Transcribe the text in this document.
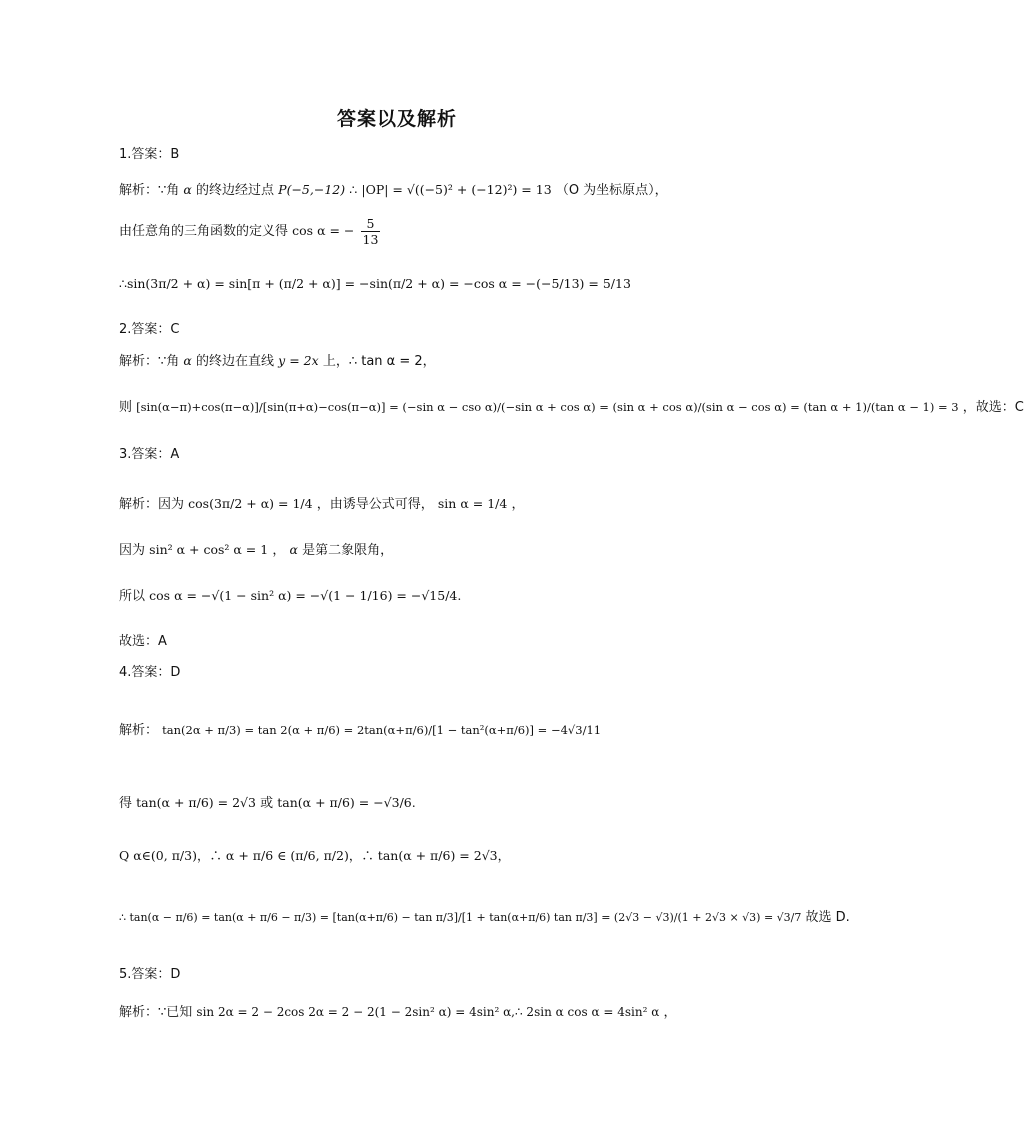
答案以及解析
1.答案：B
解析：∵角 α 的终边经过点 P(−5,−12) ∴ |OP| = √((−5)² + (−12)²) = 13 （O 为坐标原点），
由任意角的三角函数的定义得 cos α = − $\frac{5}{13}$
∴sin(3π/2 + α) = sin[π + (π/2 + α)] = −sin(π/2 + α) = −cos α = −(−5/13) = 5/13
2.答案：C
解析：∵角 α 的终边在直线 y = 2x 上，∴ tan α = 2，
则 [sin(α−π)+cos(π−α)]/[sin(π+α)−cos(π−α)] = (−sin α − cso α)/(−sin α + cos α) = (sin α + cos α)/(sin α − cos α) = (tan α + 1)/(tan α − 1) = 3 ，故选：C
3.答案：A
解析：因为 cos(3π/2 + α) = 1/4 ，由诱导公式可得， sin α = 1/4 ，
因为 sin² α + cos² α = 1 ， α 是第二象限角，
所以 cos α = −√(1 − sin² α) = −√(1 − 1/16) = −√15/4.
故选：A
4.答案：D
解析： tan(2α + π/3) = tan 2(α + π/6) = 2tan(α+π/6)/[1 − tan²(α+π/6)] = −4√3/11
得 tan(α + π/6) = 2√3 或 tan(α + π/6) = −√3/6.
Q α∈(0, π/3)，∴ α + π/6 ∈ (π/6, π/2)，∴ tan(α + π/6) = 2√3，
∴ tan(α − π/6) = tan(α + π/6 − π/3) = [tan(α+π/6) − tan π/3]/[1 + tan(α+π/6) tan π/3] = (2√3 − √3)/(1 + 2√3 × √3) = √3/7 故选 D.
5.答案：D
解析：∵已知 sin 2α = 2 − 2cos 2α = 2 − 2(1 − 2sin² α) = 4sin² α,∴ 2sin α cos α = 4sin² α ，
